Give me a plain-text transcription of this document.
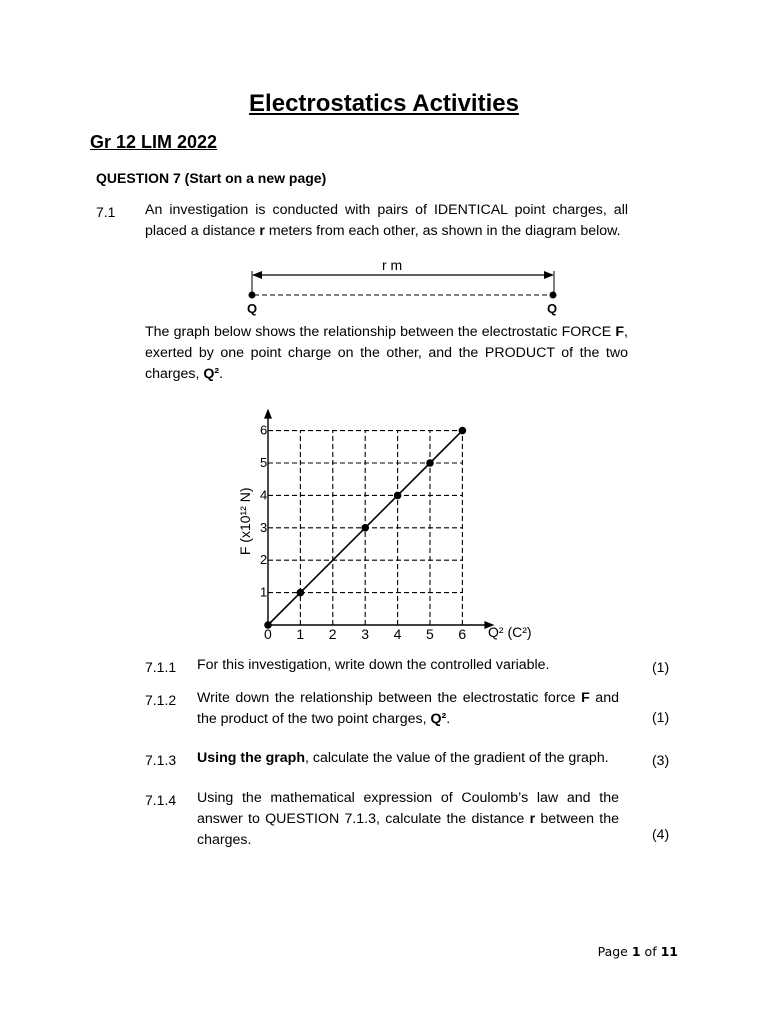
Electrostatics Activities
Gr 12 LIM 2022
QUESTION 7 (Start on a new page)
7.1 An investigation is conducted with pairs of IDENTICAL point charges, all placed a distance r meters from each other, as shown in the diagram below.
r m
Q	Q
The graph below shows the relationship between the electrostatic FORCE F, exerted by one point charge on the other, and the PRODUCT of the two charges, Q².
0 1 2 3 4 5 6
1
2
3
4
5
6
Q² (C²)
F (x10¹² N)
7.1.1 For this investigation, write down the controlled variable.	(1)
7.1.2 Write down the relationship between the electrostatic force F and the product of the two point charges, Q².	(1)
7.1.3 Using the graph, calculate the value of the gradient of the graph.	(3)
7.1.4 Using the mathematical expression of Coulomb’s law and the answer to QUESTION 7.1.3, calculate the distance r between the charges.	(4)
Page 1 of 11
